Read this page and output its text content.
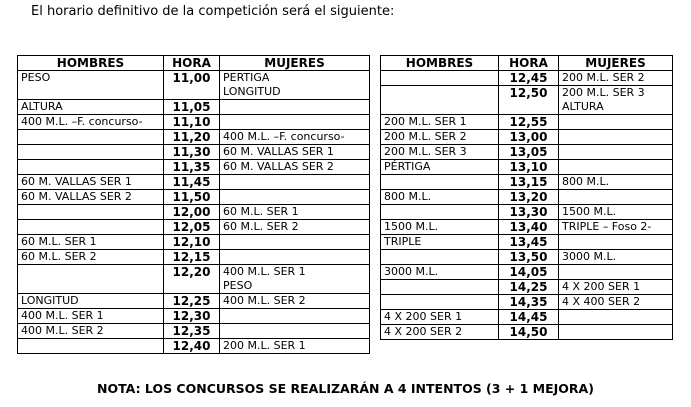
El horario definitivo de la competición será el siguiente:
HOMBRES	HORA	MUJERES
PESO	11,00	PERTIGA
LONGITUD

ALTURA	11,05	

400 M.L. –F. concurso-	11,10	

	11,20	400 M.L. –F. concurso-

	11,30	60 M. VALLAS SER 1

	11,35	60 M. VALLAS SER 2

60 M. VALLAS SER 1	11,45	

60 M. VALLAS SER 2	11,50	

	12,00	60 M.L. SER 1

	12,05	60 M.L. SER 2

60 M.L. SER 1	12,10	

60 M.L. SER 2	12,15	

	12,20	400 M.L. SER 1
PESO

LONGITUD	12,25	400 M.L. SER 2

400 M.L. SER 1	12,30	

400 M.L. SER 2	12,35	

	12,40	200 M.L. SER 1
HOMBRES	HORA	MUJERES
	12,45	200 M.L. SER 2

	12,50	200 M.L. SER 3
ALTURA

200 M.L. SER 1	12,55	

200 M.L. SER 2	13,00	

200 M.L. SER 3	13,05	

PÉRTIGA	13,10	

	13,15	800 M.L.

800 M.L.	13,20	

	13,30	1500 M.L.

1500 M.L.	13,40	TRIPLE – Foso 2-

TRIPLE	13,45	

	13,50	3000 M.L.

3000 M.L.	14,05	

	14,25	4 X 200 SER 1

	14,35	4 X 400 SER 2

4 X 200 SER 1	14,45	

4 X 200 SER 2	14,50	
NOTA: LOS CONCURSOS SE REALIZARÁN A 4 INTENTOS (3 + 1 MEJORA)
